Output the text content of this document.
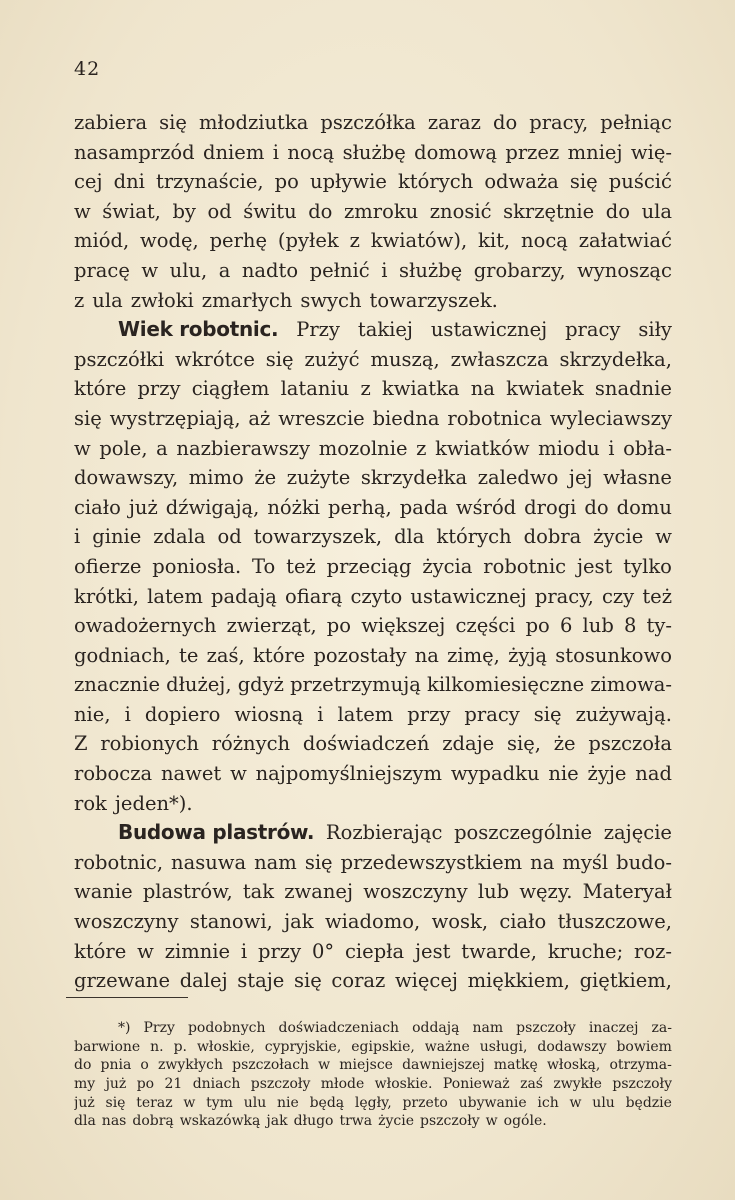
42
zabiera się młodziutka pszczółka zaraz do pracy, pełniąc
nasamprzód dniem i nocą służbę domową przez mniej wię-
cej dni trzynaście, po upływie których odważa się puścić
w świat, by od świtu do zmroku znosić skrzętnie do ula
miód, wodę, perhę (pyłek z kwiatów), kit, nocą załatwiać
pracę w ulu, a nadto pełnić i służbę grobarzy, wynosząc
z ula zwłoki zmarłych swych towarzyszek.
Wiek robotnic. Przy takiej ustawicznej pracy siły
pszczółki wkrótce się zużyć muszą, zwłaszcza skrzydełka,
które przy ciągłem lataniu z kwiatka na kwiatek snadnie
się wystrzępiają, aż wreszcie biedna robotnica wyleciawszy
w pole, a nazbierawszy mozolnie z kwiatków miodu i obła-
dowawszy, mimo że zużyte skrzydełka zaledwo jej własne
ciało już dźwigają, nóżki perhą, pada wśród drogi do domu
i ginie zdala od towarzyszek, dla których dobra życie w
ofierze poniosła. To też przeciąg życia robotnic jest tylko
krótki, latem padają ofiarą czyto ustawicznej pracy, czy też
owadożernych zwierząt, po większej części po 6 lub 8 ty-
godniach, te zaś, które pozostały na zimę, żyją stosunkowo
znacznie dłużej, gdyż przetrzymują kilkomiesięczne zimowa-
nie, i dopiero wiosną i latem przy pracy się zużywają.
Z robionych różnych doświadczeń zdaje się, że pszczoła
robocza nawet w najpomyślniejszym wypadku nie żyje nad
rok jeden*).
Budowa plastrów. Rozbierając poszczególnie zajęcie
robotnic, nasuwa nam się przedewszystkiem na myśl budo-
wanie plastrów, tak zwanej woszczyny lub węzy. Materyał
woszczyny stanowi, jak wiadomo, wosk, ciało tłuszczowe,
które w zimnie i przy 0° ciepła jest twarde, kruche; roz-
grzewane dalej staje się coraz więcej miękkiem, giętkiem,
*) Przy podobnych doświadczeniach oddają nam pszczoły inaczej za-
barwione n. p. włoskie, cypryjskie, egipskie, ważne usługi, dodawszy bowiem
do pnia o zwykłych pszczołach w miejsce dawniejszej matkę włoską, otrzyma-
my już po 21 dniach pszczoły młode włoskie. Ponieważ zaś zwykłe pszczoły
już się teraz w tym ulu nie będą lęgły, przeto ubywanie ich w ulu będzie
dla nas dobrą wskazówką jak długo trwa życie pszczoły w ogóle.
